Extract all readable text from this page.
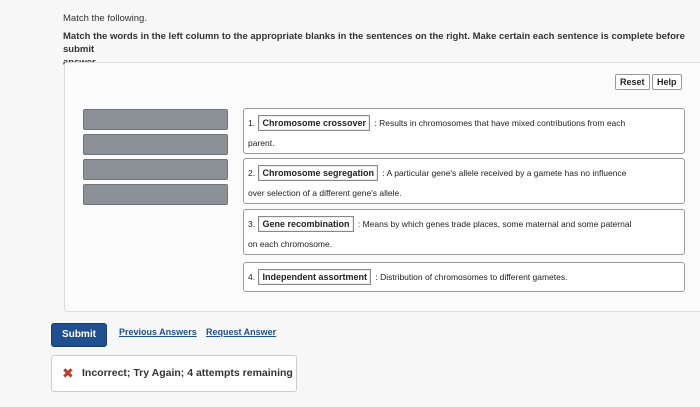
Match the following.
Match the words in the left column to the appropriate blanks in the sentences on the right. Make certain each sentence is complete before submit

Reset	Help
1. Chromosome crossover : Results in chromosomes that have mixed contributions from each
parent.
2. Chromosome segregation : A particular gene's allele received by a gamete has no influence
over selection of a different gene's allele.
3. Gene recombination : Means by which genes trade places, some maternal and some paternal
on each chromosome.
4. Independent assortment : Distribution of chromosomes to different gametes.
Submit	Previous Answers Request Answer
✖ Incorrect; Try Again; 4 attempts remaining
